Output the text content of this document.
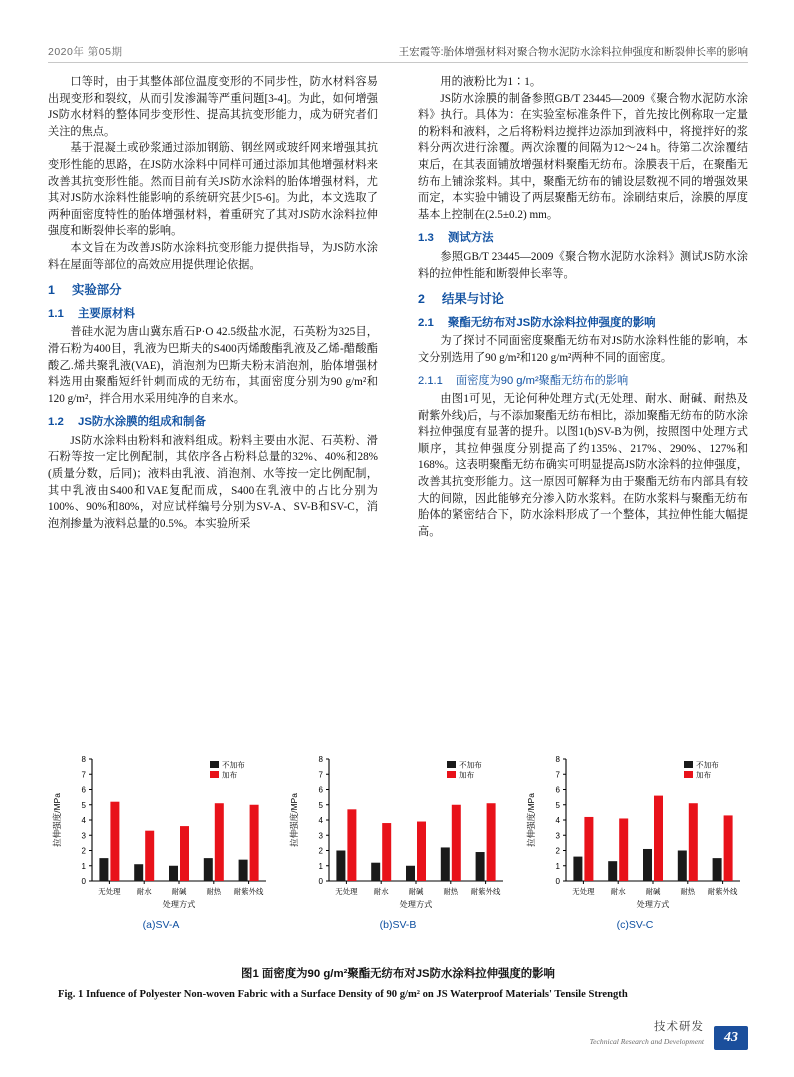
2020年 第05期	王宏霞等:胎体增强材料对聚合物水泥防水涂料拉伸强度和断裂伸长率的影响

口等时，由于其整体部位温度变形的不同步性，防水材料容易出现变形和裂纹，从而引发渗漏等严重问题[3-4]。为此，如何增强JS防水材料的整体同步变形性、提高其抗变形能力，成为研究者们关注的焦点。

基于混凝土或砂浆通过添加钢筋、钢丝网或玻纤网来增强其抗变形性能的思路，在JS防水涂料中同样可通过添加其他增强材料来改善其抗变形性能。然而目前有关JS防水涂料的胎体增强材料，尤其对JS防水涂料性能影响的系统研究甚少[5-6]。为此，本文选取了两种面密度特性的胎体增强材料，着重研究了其对JS防水涂料拉伸强度和断裂伸长率的影响。

本文旨在为改善JS防水涂料抗变形能力提供指导，为JS防水涂料在屋面等部位的高效应用提供理论依据。

1	实验部分
1.1	主要原材料

普硅水泥为唐山冀东盾石P·O 42.5级盐水泥，石英粉为325目，滑石粉为400目，乳液为巴斯夫的S400丙烯酸酯乳液及乙烯-醋酸酯酸乙.烯共聚乳液(VAE)，消泡剂为巴斯夫粉末消泡剂，胎体增强材料选用由聚酯短纤针刺而成的无纺布，其面密度分别为90 g/m²和120 g/m²，拌合用水采用纯净的自来水。

1.2	JS防水涂膜的组成和制备

JS防水涂料由粉料和液料组成。粉料主要由水泥、石英粉、滑石粉等按一定比例配制，其依序各占粉料总量的32%、40%和28%(质量分数，后同)；液料由乳液、消泡剂、水等按一定比例配制，其中乳液由S400和VAE复配而成，S400在乳液中的占比分别为100%、90%和80%，对应试样编号分别为SV-A、SV-B和SV-C，消泡剂掺量为液料总量的0.5%。本实验所采

用的液粉比为1∶1。

JS防水涂膜的制备参照GB/T 23445—2009《聚合物水泥防水涂料》执行。具体为：在实验室标准条件下，首先按比例称取一定量的粉料和液料，之后将粉料边搅拌边添加到液料中，将搅拌好的浆料分两次进行涂覆。两次涂覆的间隔为12～24 h。待第二次涂覆结束后，在其表面铺放增强材料聚酯无纺布。涂膜表干后，在聚酯无纺布上铺涂浆料。其中，聚酯无纺布的铺设层数视不同的增强效果而定，本实验中铺设了两层聚酯无纺布。涂刷结束后，涂膜的厚度基本上控制在(2.5±0.2) mm。

1.3	测试方法

参照GB/T 23445—2009《聚合物水泥防水涂料》测试JS防水涂料的拉伸性能和断裂伸长率等。

2	结果与讨论
2.1	聚酯无纺布对JS防水涂料拉伸强度的影响

为了探讨不同面密度聚酯无纺布对JS防水涂料性能的影响，本文分别选用了90 g/m²和120 g/m²两种不同的面密度。

2.1.1	面密度为90 g/m²聚酯无纺布的影响

由图1可见，无论何种处理方式(无处理、耐水、耐碱、耐热及耐紫外线)后，与不添加聚酯无纺布相比，添加聚酯无纺布的防水涂料拉伸强度有显著的提升。以图1(b)SV-B为例，按照图中处理方式顺序，其拉伸强度分别提高了约135%、217%、290%、127%和168%。这表明聚酯无纺布确实可明显提高JS防水涂料的拉伸强度，改善其抗变形能力。这一原因可解释为由于聚酯无纺布内部具有较大的间隙，因此能够充分渗入防水浆料。在防水浆料与聚酯无纺布胎体的紧密结合下，防水涂料形成了一个整体，其拉伸性能大幅提高。

0
1
2
3
4
5
6
7
8
拉伸强度/MPa
无处理 耐水	耐碱	耐热 耐紫外线
处理方式
不加布
加布
(a)SV-A
0
1
2
3
4
5
6
7
8
拉伸强度/MPa
无处理 耐水	耐碱	耐热 耐紫外线
处理方式
不加布
加布
(b)SV-B
0
1
2
3
4
5
6
7
8
拉伸强度/MPa
无处理 耐水	耐碱	耐热 耐紫外线
处理方式
不加布
加布
(c)SV-C
图1 面密度为90 g/m²聚酯无纺布对JS防水涂料拉伸强度的影响
Fig. 1 Infuence of Polyester Non-woven Fabric with a Surface Density of 90 g/m² on JS Waterproof Materials' Tensile Strength
技术研发
Technical Research and Development	43
